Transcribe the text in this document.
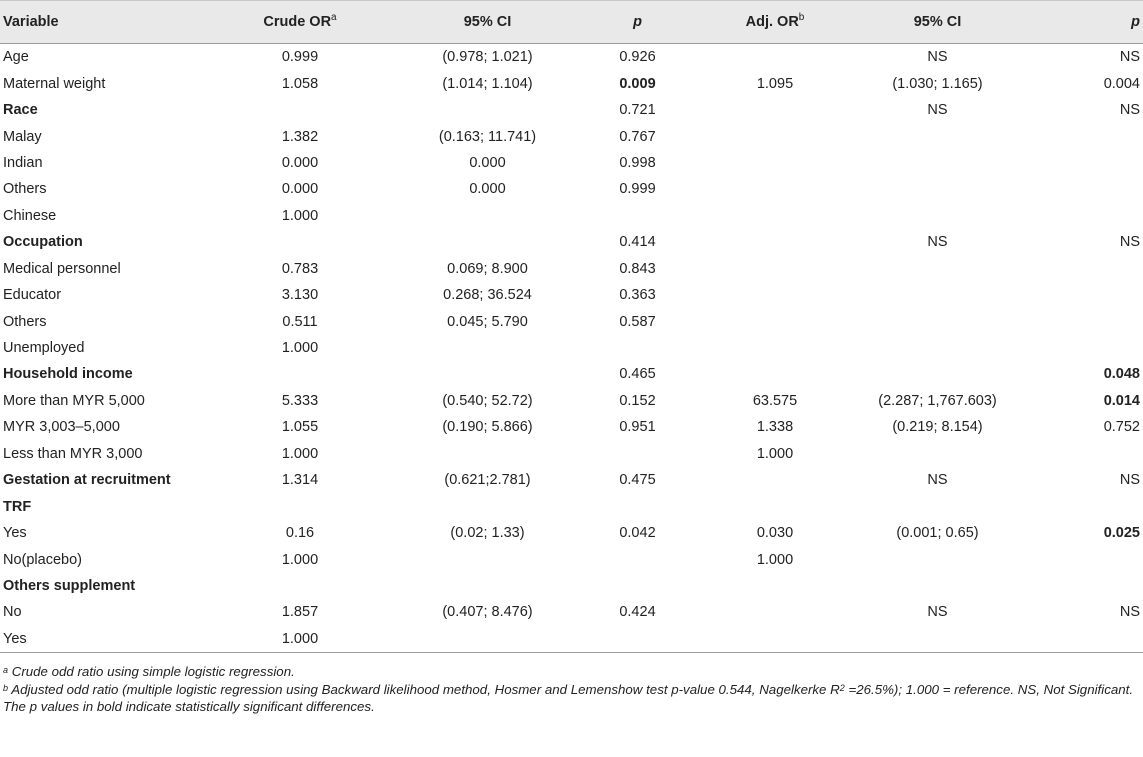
Variable	Crude $OR^a$	95% CI	p	Adj. $OR^b$	95% CI	p
Age	0.999	(0.978; 1.021)	0.926		NS	NS
Maternal weight	1.058	(1.014; 1.104)	0.009	1.095	(1.030; 1.165)	0.004
Race			0.721		NS	NS
Malay	1.382	(0.163; 11.741)	0.767			
Indian	0.000	0.000	0.998			
Others	0.000	0.000	0.999			
Chinese	1.000					
Occupation			0.414		NS	NS
Medical personnel	0.783	0.069; 8.900	0.843			
Educator	3.130	0.268; 36.524	0.363			
Others	0.511	0.045; 5.790	0.587			
Unemployed	1.000					
Household income			0.465			0.048
More than MYR 5,000	5.333	(0.540; 52.72)	0.152	63.575	(2.287; 1,767.603)	0.014
MYR 3,003–5,000	1.055	(0.190; 5.866)	0.951	1.338	(0.219; 8.154)	0.752
Less than MYR 3,000	1.000			1.000		
Gestation at recruitment	1.314	(0.621;2.781)	0.475		NS	NS
TRF						
Yes	0.16	(0.02; 1.33)	0.042	0.030	(0.001; 0.65)	0.025
No(placebo)	1.000			1.000		
Others supplement						
No	1.857	(0.407; 8.476)	0.424		NS	NS
Yes	1.000					

$^a$ Crude odd ratio using simple logistic regression.

$^b$ Adjusted odd ratio (multiple logistic regression using Backward likelihood method, Hosmer and Lemenshow test p-value 0.544, Nagelkerke $R^2 =26.5\%$); 1.000 = reference. NS, Not Significant.

The p values in bold indicate statistically significant differences.
